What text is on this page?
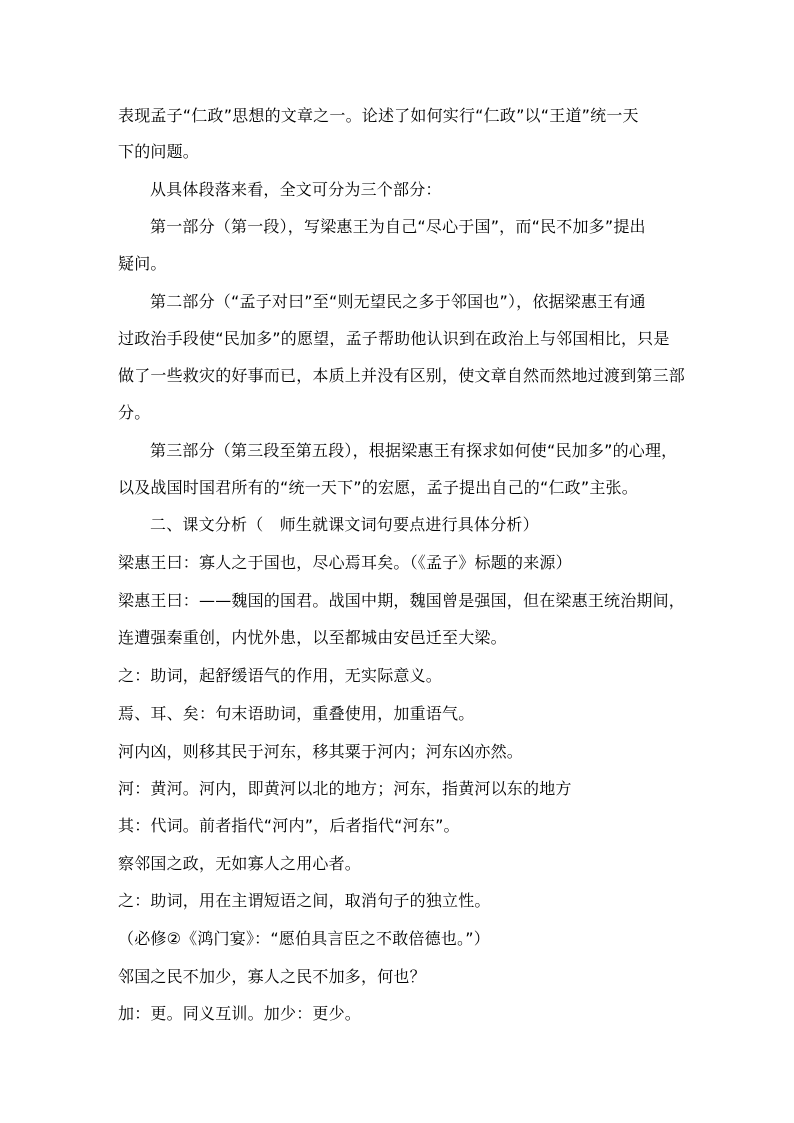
表现孟子“仁政”思想的文章之一。论述了如何实行“仁政”以“王道”统一天
下的问题。
从具体段落来看，全文可分为三个部分：
第一部分（第一段），写梁惠王为自己“尽心于国”，而“民不加多”提出
疑问。
第二部分（“孟子对曰”至“则无望民之多于邻国也”），依据梁惠王有通
过政治手段使“民加多”的愿望，孟子帮助他认识到在政治上与邻国相比，只是
做了一些救灾的好事而已，本质上并没有区别，使文章自然而然地过渡到第三部
分。
第三部分（第三段至第五段），根据梁惠王有探求如何使“民加多”的心理，
以及战国时国君所有的“统一天下”的宏愿，孟子提出自己的“仁政”主张。
二、课文分析（　师生就课文词句要点进行具体分析）
梁惠王曰：寡人之于国也，尽心焉耳矣。（《孟子》标题的来源）
梁惠王曰：——魏国的国君。战国中期，魏国曾是强国，但在梁惠王统治期间，
连遭强秦重创，内忧外患，以至都城由安邑迁至大梁。
之：助词，起舒缓语气的作用，无实际意义。
焉、耳、矣：句末语助词，重叠使用，加重语气。
河内凶，则移其民于河东，移其粟于河内；河东凶亦然。
河：黄河。河内，即黄河以北的地方；河东，指黄河以东的地方
其：代词。前者指代“河内”，后者指代“河东”。
察邻国之政，无如寡人之用心者。
之：助词，用在主谓短语之间，取消句子的独立性。
（必修②《鸿门宴》：“愿伯具言臣之不敢倍德也。”）
邻国之民不加少，寡人之民不加多，何也？
加：更。同义互训。加少：更少。
